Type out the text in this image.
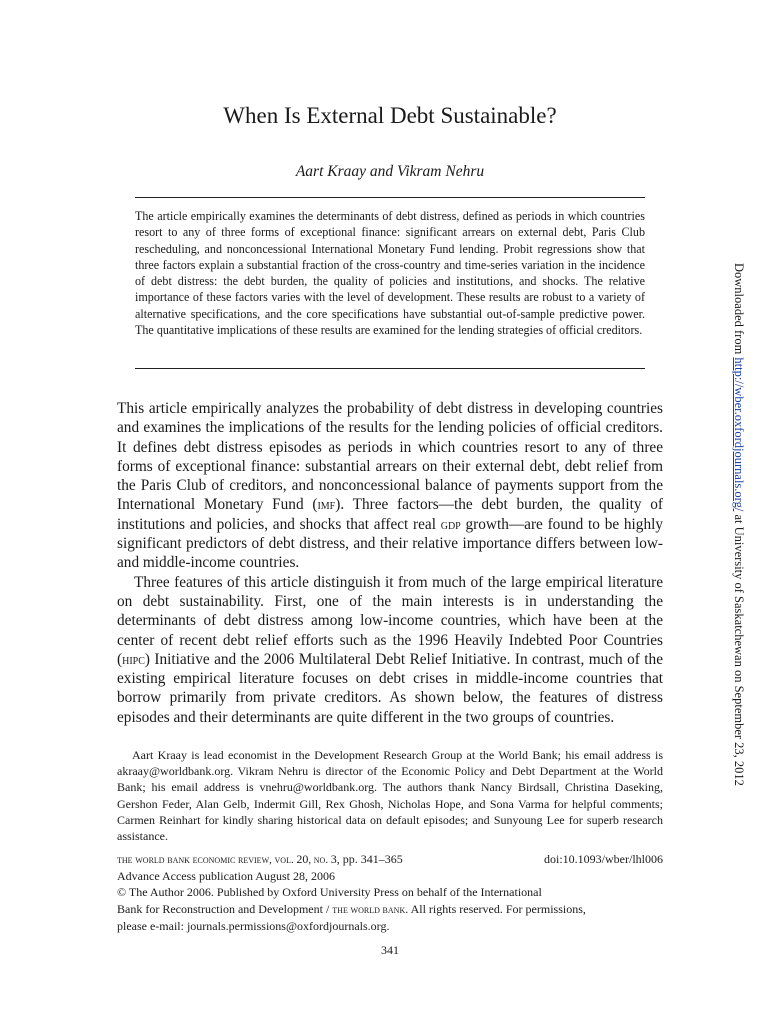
When Is External Debt Sustainable?
Aart Kraay and Vikram Nehru

The article empirically examines the determinants of debt distress, defined as periods in which countries resort to any of three forms of exceptional finance: significant arrears on external debt, Paris Club rescheduling, and nonconcessional International Monetary Fund lending. Probit regressions show that three factors explain a substantial fraction of the cross-country and time-series variation in the incidence of debt distress: the debt burden, the quality of policies and institutions, and shocks. The relative importance of these factors varies with the level of development. These results are robust to a variety of alternative specifications, and the core specifications have substantial out-of-sample predictive power. The quantitative implications of these results are examined for the lending strategies of official creditors.

This article empirically analyzes the probability of debt distress in developing countries and examines the implications of the results for the lending policies of official creditors. It defines debt distress episodes as periods in which countries resort to any of three forms of exceptional finance: substantial arrears on their external debt, debt relief from the Paris Club of creditors, and nonconcessional balance of payments support from the International Monetary Fund (imf). Three factors—the debt burden, the quality of institutions and policies, and shocks that affect real gdp growth—are found to be highly significant predictors of debt distress, and their relative importance differs between low- and middle-income countries.

Three features of this article distinguish it from much of the large empirical literature on debt sustainability. First, one of the main interests is in understanding the determinants of debt distress among low-income countries, which have been at the center of recent debt relief efforts such as the 1996 Heavily Indebted Poor Countries (hipc) Initiative and the 2006 Multilateral Debt Relief Initiative. In contrast, much of the existing empirical literature focuses on debt crises in middle-income countries that borrow primarily from private creditors. As shown below, the features of distress episodes and their determinants are quite different in the two groups of countries.

Aart Kraay is lead economist in the Development Research Group at the World Bank; his email address is akraay@worldbank.org. Vikram Nehru is director of the Economic Policy and Debt Department at the World Bank; his email address is vnehru@worldbank.org. The authors thank Nancy Birdsall, Christina Daseking, Gershon Feder, Alan Gelb, Indermit Gill, Rex Ghosh, Nicholas Hope, and Sona Varma for helpful comments; Carmen Reinhart for kindly sharing historical data on default episodes; and Sunyoung Lee for superb research assistance.

the world bank economic review, vol. 20, no. 3, pp. 341–365	doi:10.1093/wber/lhl006
Advance Access publication August 28, 2006
© The Author 2006. Published by Oxford University Press on behalf of the International
Bank for Reconstruction and Development / the world bank. All rights reserved. For permissions,
please e-mail: journals.permissions@oxfordjournals.org.
341
Downloaded from http://wber.oxfordjournals.org/ at University of Saskatchewan on September 23, 2012
